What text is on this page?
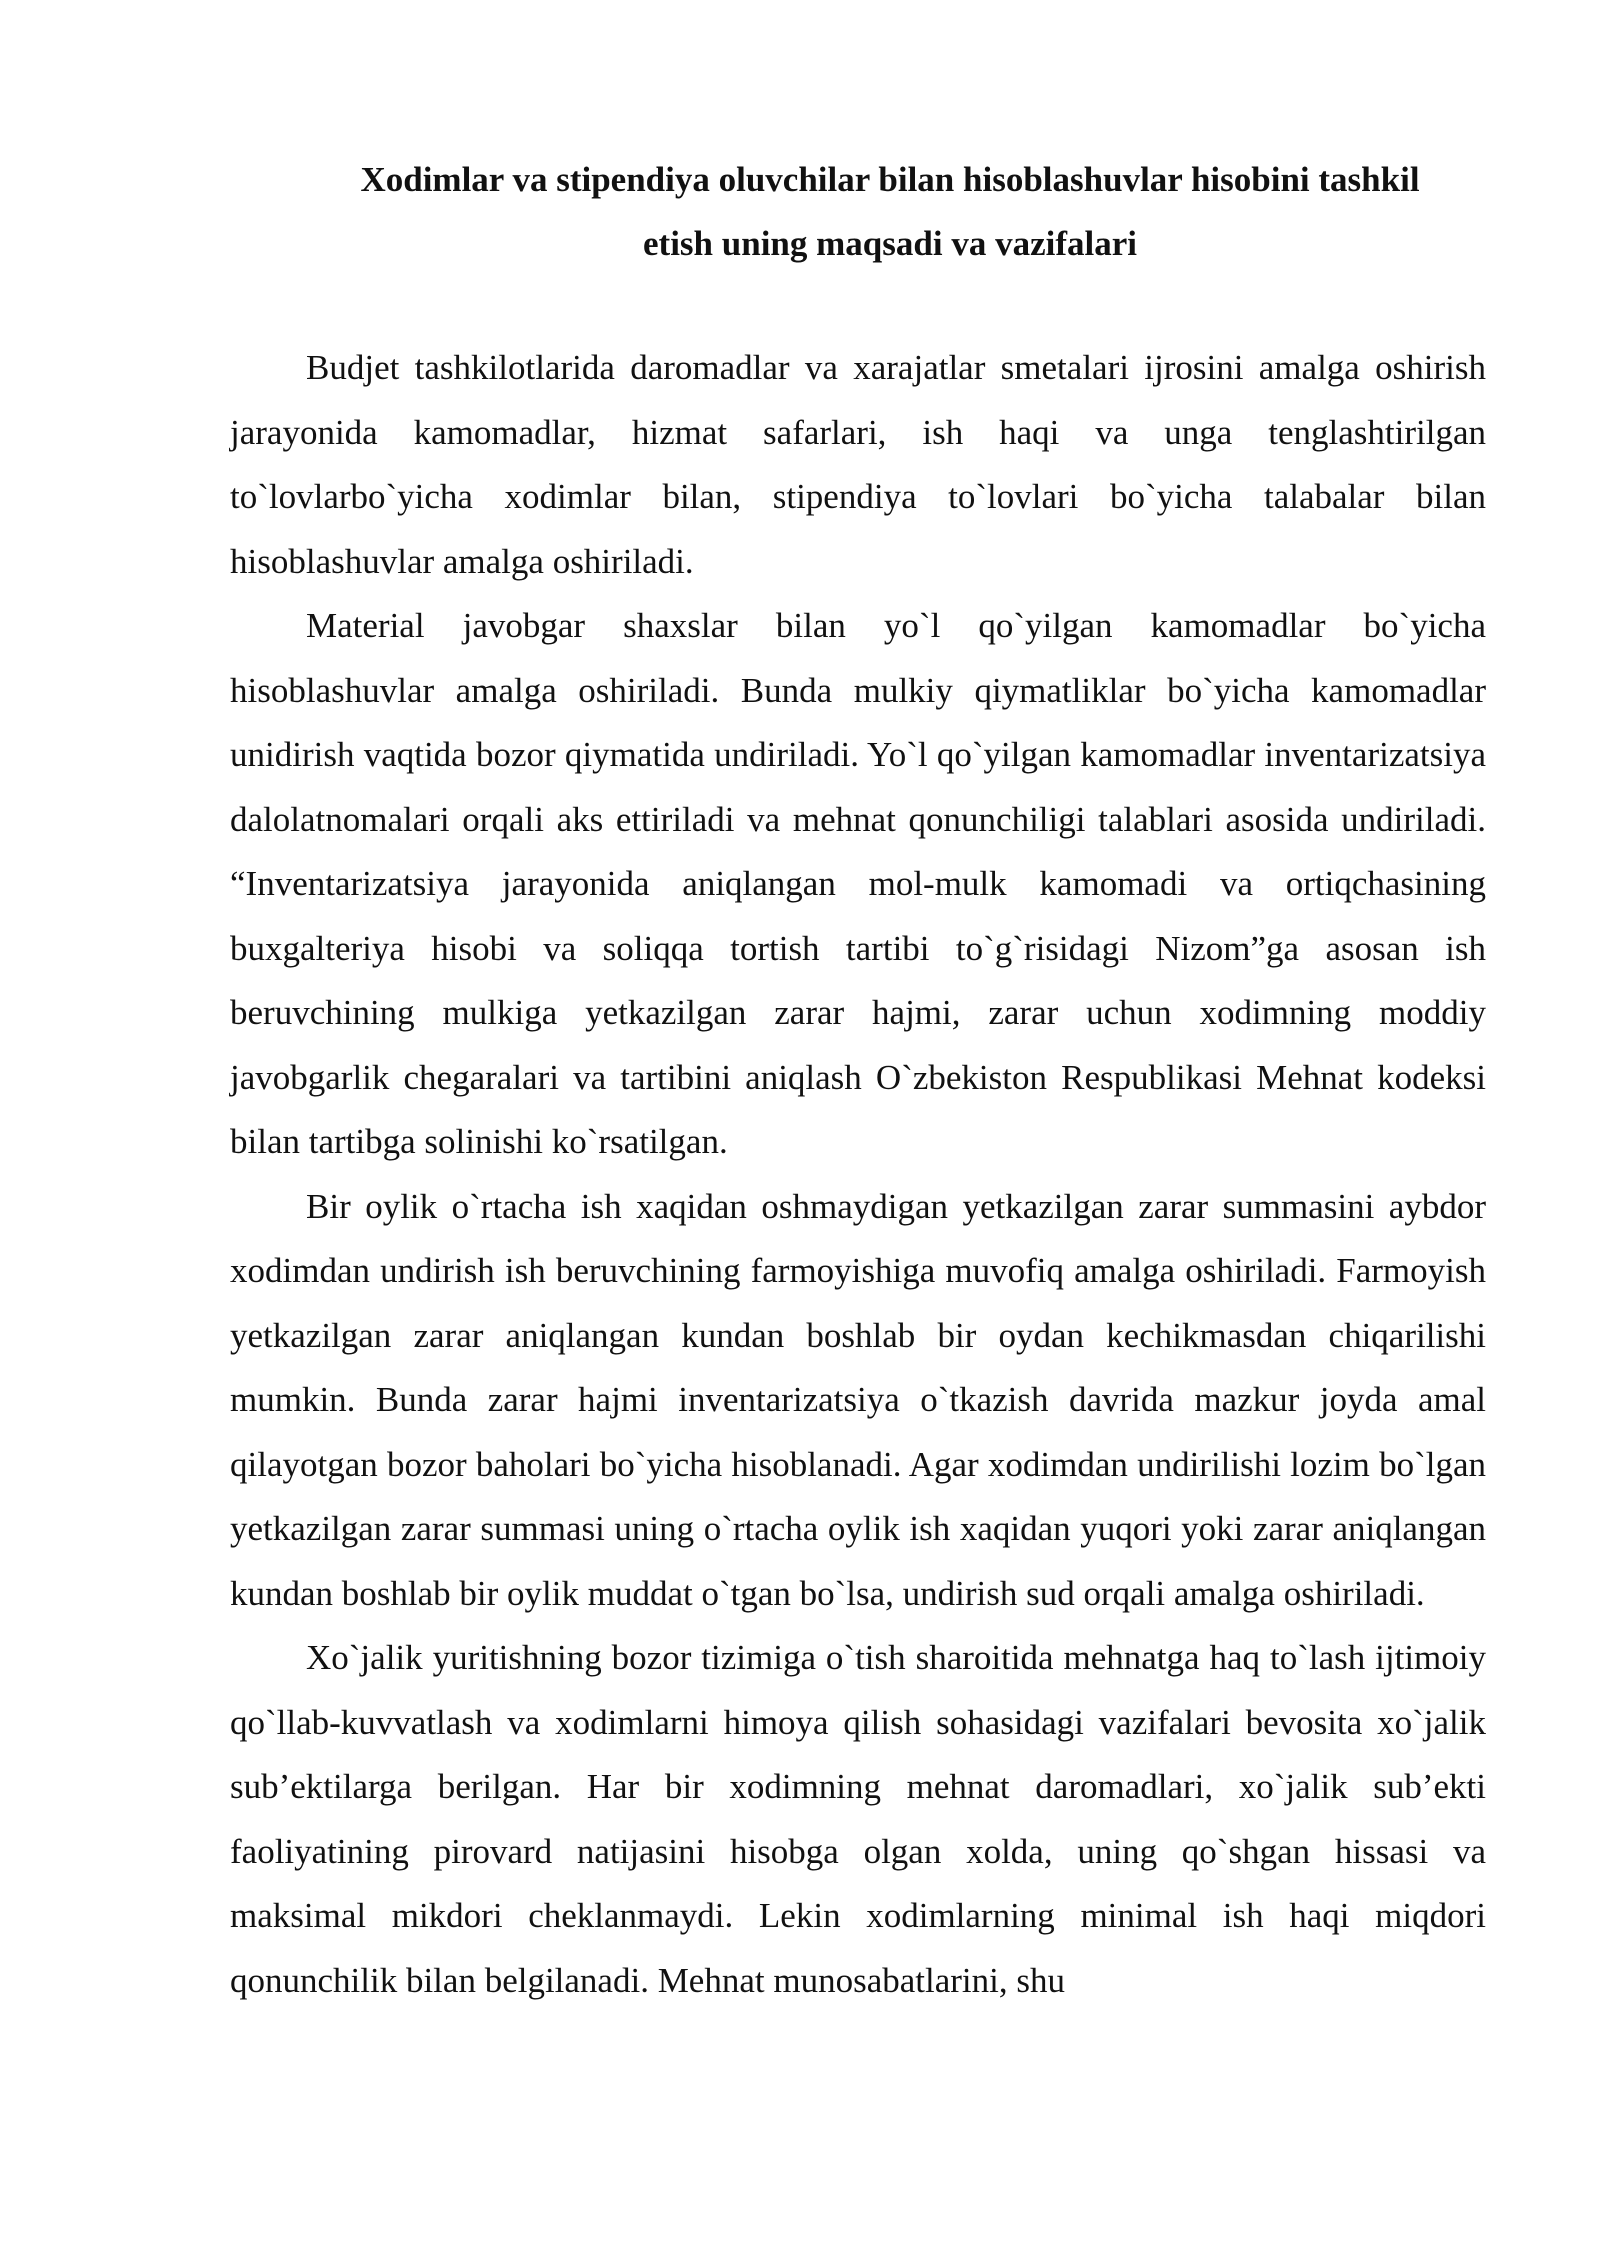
Xodimlar va stipendiya oluvchilar bilan hisoblashuvlar hisobini tashkil
etish uning maqsadi va vazifalari

Budjet tashkilotlarida daromadlar va xarajatlar smetalari ijrosini amalga oshirish jarayonida kamomadlar, hizmat safarlari, ish haqi va unga tenglashtirilgan to`lovlarbo`yicha xodimlar bilan, stipendiya to`lovlari bo`yicha talabalar bilan hisoblashuvlar amalga oshiriladi.

Material javobgar shaxslar bilan yo`l qo`yilgan kamomadlar bo`yicha hisoblashuvlar amalga oshiriladi. Bunda mulkiy qiymatliklar bo`yicha kamomadlar unidirish vaqtida bozor qiymatida undiriladi. Yo`l qo`yilgan kamomadlar inventarizatsiya dalolatnomalari orqali aks ettiriladi va mehnat qonunchiligi talablari asosida undiriladi. “Inventarizatsiya jarayonida aniqlangan mol-mulk kamomadi va ortiqchasining buxgalteriya hisobi va soliqqa tortish tartibi to`g`risidagi Nizom”ga asosan ish beruvchining mulkiga yetkazilgan zarar hajmi, zarar uchun xodimning moddiy javobgarlik chegaralari va tartibini aniqlash O`zbekiston Respublikasi Mehnat kodeksi bilan tartibga solinishi ko`rsatilgan.

Bir oylik o`rtacha ish xaqidan oshmaydigan yetkazilgan zarar summasini aybdor xodimdan undirish ish beruvchining farmoyishiga muvofiq amalga oshiriladi. Farmoyish yetkazilgan zarar aniqlangan kundan boshlab bir oydan kechikmasdan chiqarilishi mumkin. Bunda zarar hajmi inventarizatsiya o`tkazish davrida mazkur joyda amal qilayotgan bozor baholari bo`yicha hisoblanadi. Agar xodimdan undirilishi lozim bo`lgan yetkazilgan zarar summasi uning o`rtacha oylik ish xaqidan yuqori yoki zarar aniqlangan kundan boshlab bir oylik muddat o`tgan bo`lsa, undirish sud orqali amalga oshiriladi.

Xo`jalik yuritishning bozor tizimiga o`tish sharoitida mehnatga haq to`lash ijtimoiy qo`llab-kuvvatlash va xodimlarni himoya qilish sohasidagi vazifalari bevosita xo`jalik sub’ektilarga berilgan. Har bir xodimning mehnat daromadlari, xo`jalik sub’ekti faoliyatining pirovard natijasini hisobga olgan xolda, uning qo`shgan hissasi va maksimal mikdori cheklanmaydi. Lekin xodimlarning minimal ish haqi miqdori qonunchilik bilan belgilanadi. Mehnat munosabatlarini, shu
